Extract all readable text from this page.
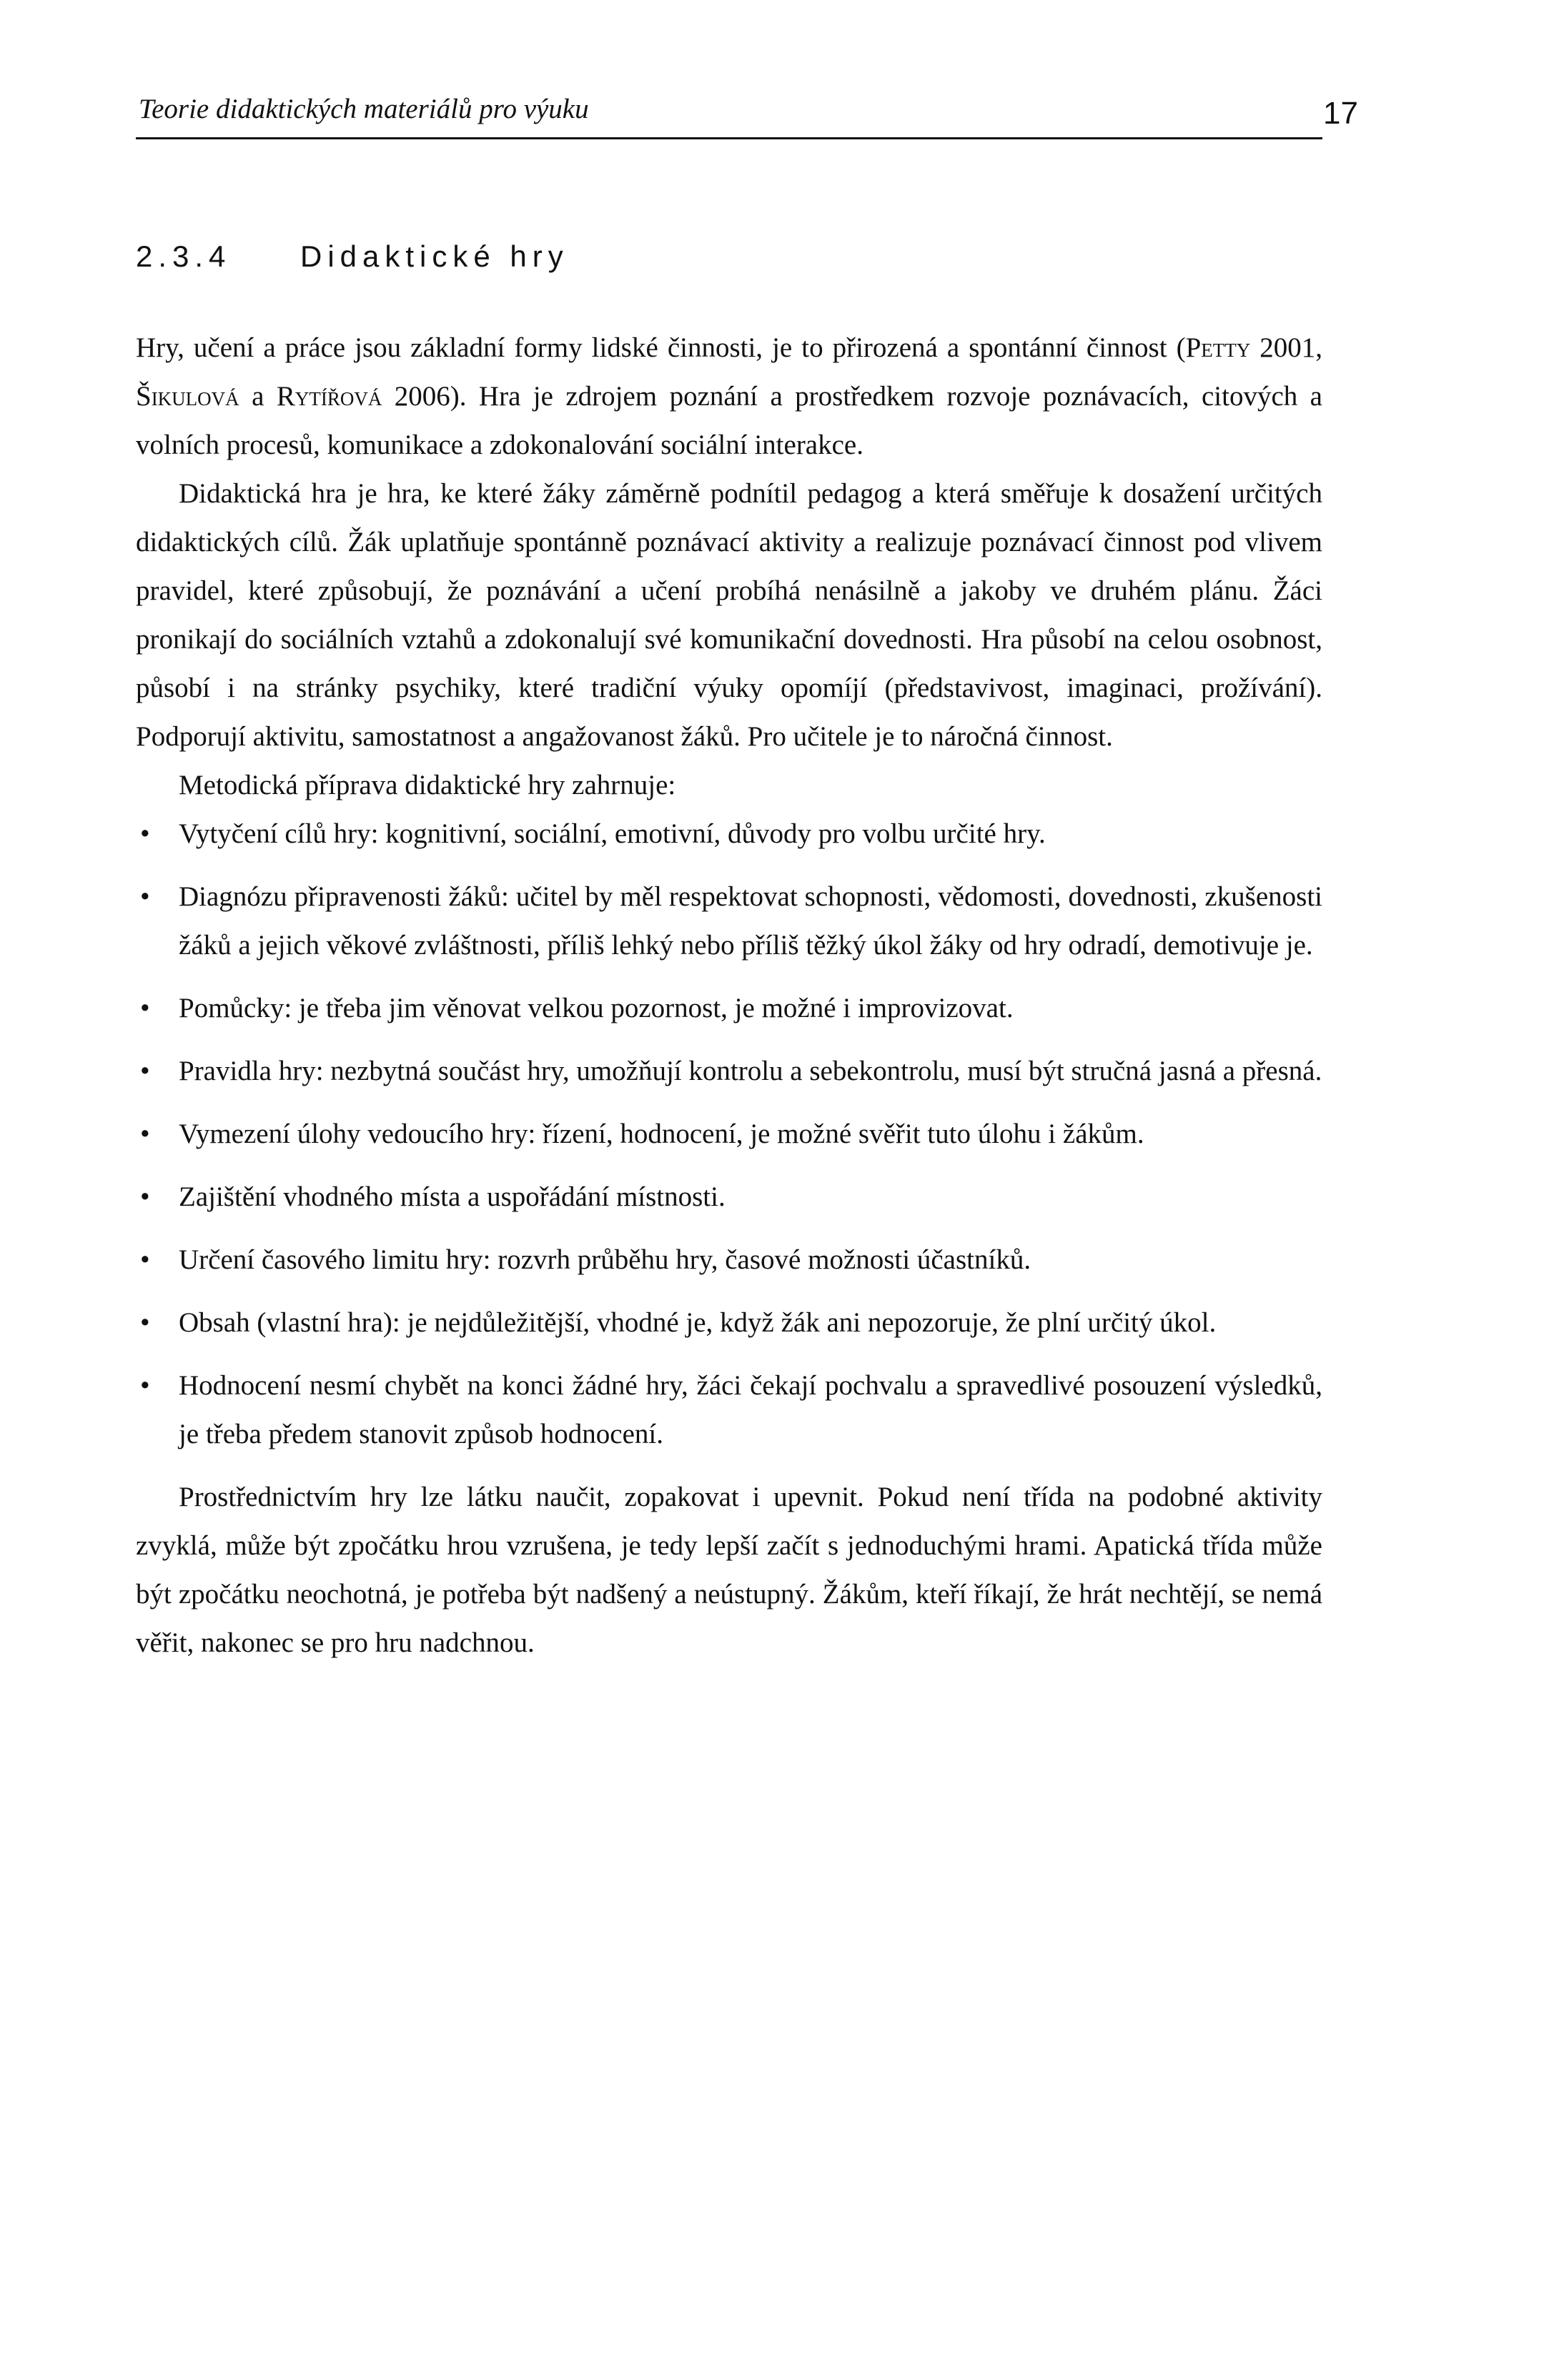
Teorie didaktických materiálů pro výuku	17
2.3.4 Didaktické hry

Hry, učení a práce jsou základní formy lidské činnosti, je to přirozená a spontánní činnost (Petty 2001, Šikulová a Rytířová 2006). Hra je zdrojem poznání a prostředkem rozvoje poznávacích, citových a volních procesů, komunikace a zdokonalování sociální interakce.

Didaktická hra je hra, ke které žáky záměrně podnítil pedagog a která směřuje k dosažení určitých didaktických cílů. Žák uplatňuje spontánně poznávací aktivity a realizuje poznávací činnost pod vlivem pravidel, které způsobují, že poznávání a učení probíhá nenásilně a jakoby ve druhém plánu. Žáci pronikají do sociálních vztahů a zdokonalují své komunikační dovednosti. Hra působí na celou osobnost, působí i na stránky psychiky, které tradiční výuky opomíjí (představivost, imaginaci, prožívání). Podporují aktivitu, samostatnost a angažovanost žáků. Pro učitele je to náročná činnost.

Metodická příprava didaktické hry zahrnuje:

• Vytyčení cílů hry: kognitivní, sociální, emotivní, důvody pro volbu určité hry.
• Diagnózu připravenosti žáků: učitel by měl respektovat schopnosti, vědomosti, dovednosti, zkušenosti žáků a jejich věkové zvláštnosti, příliš lehký nebo příliš těžký úkol žáky od hry odradí, demotivuje je.
• Pomůcky: je třeba jim věnovat velkou pozornost, je možné i improvizovat.
• Pravidla hry: nezbytná součást hry, umožňují kontrolu a sebekontrolu, musí být stručná jasná a přesná.
• Vymezení úlohy vedoucího hry: řízení, hodnocení, je možné svěřit tuto úlohu i žákům.
• Zajištění vhodného místa a uspořádání místnosti.
• Určení časového limitu hry: rozvrh průběhu hry, časové možnosti účastníků.
• Obsah (vlastní hra): je nejdůležitější, vhodné je, když žák ani nepozoruje, že plní určitý úkol.
• Hodnocení nesmí chybět na konci žádné hry, žáci čekají pochvalu a spravedlivé posouzení výsledků, je třeba předem stanovit způsob hodnocení.

Prostřednictvím hry lze látku naučit, zopakovat i upevnit. Pokud není třída na podobné aktivity zvyklá, může být zpočátku hrou vzrušena, je tedy lepší začít s jednoduchými hrami. Apatická třída může být zpočátku neochotná, je potřeba být nadšený a neústupný. Žákům, kteří říkají, že hrát nechtějí, se nemá věřit, nakonec se pro hru nadchnou.
